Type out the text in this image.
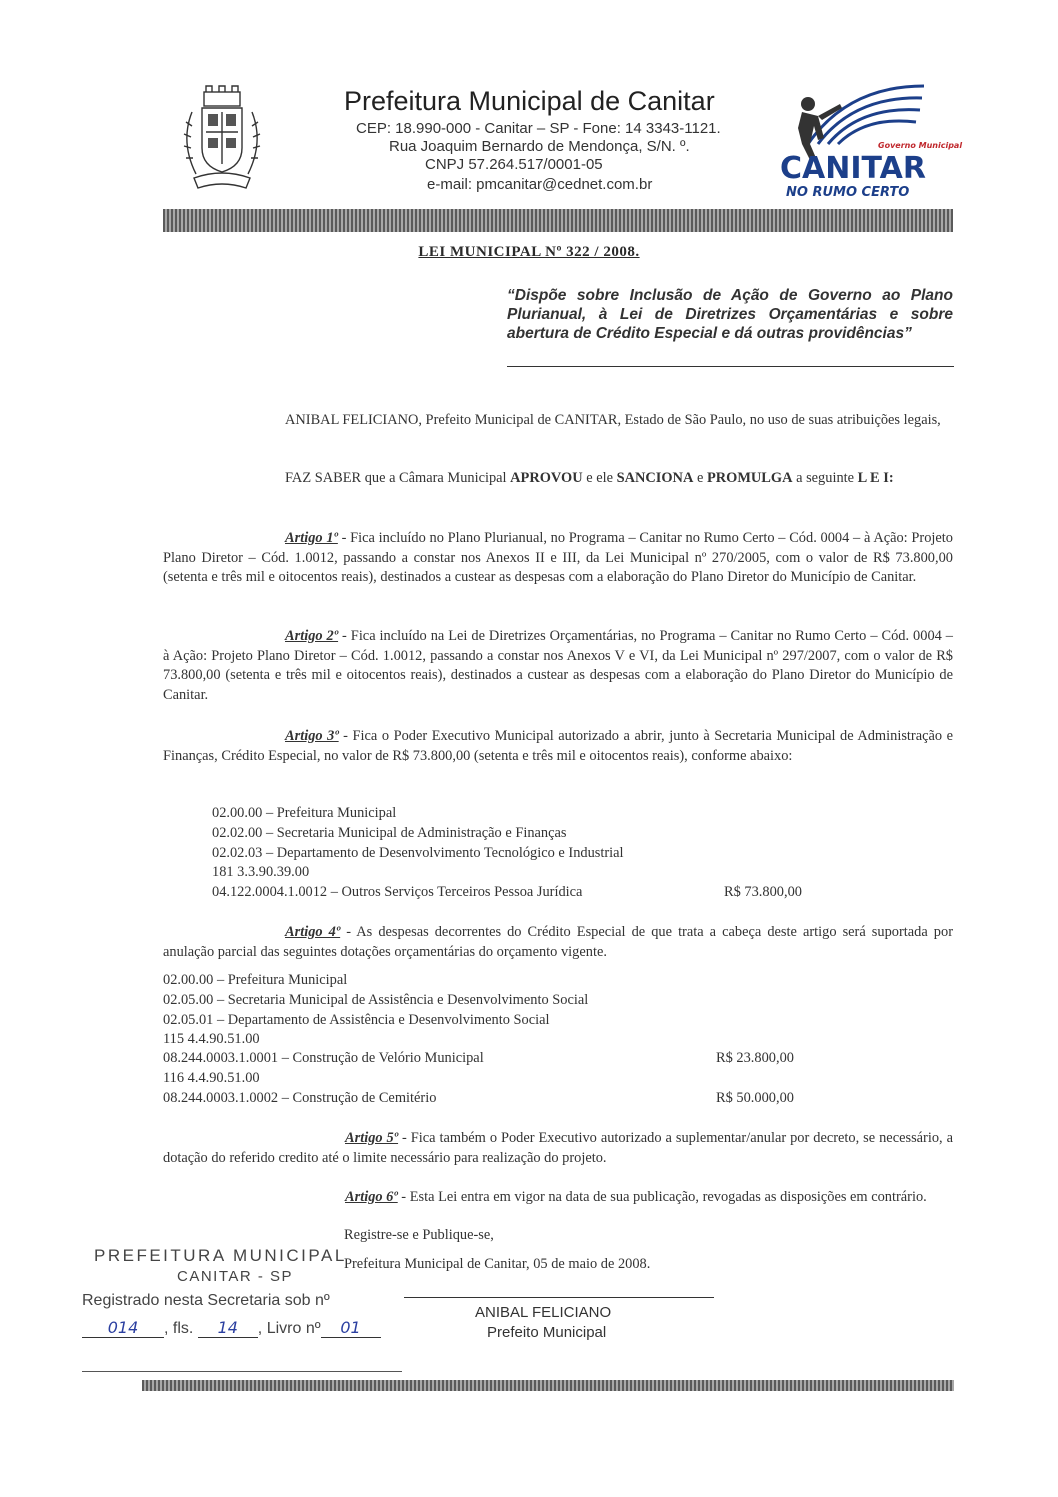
Prefeitura Municipal de Canitar
CEP: 18.990-000 - Canitar – SP - Fone: 14 3343-1121.
Rua Joaquim Bernardo de Mendonça, S/N. º.
CNPJ 57.264.517/0001-05
e-mail: pmcanitar@cednet.com.br
Governo Municipal
CANITAR
NO RUMO CERTO
LEI MUNICIPAL Nº 322 / 2008.
“Dispõe sobre Inclusão de Ação de Governo ao Plano Plurianual, à Lei de Diretrizes Orçamentárias e sobre abertura de Crédito Especial e dá outras providências”
ANIBAL FELICIANO, Prefeito Municipal de CANITAR, Estado de São Paulo, no uso de suas atribuições legais,
FAZ SABER que a Câmara Municipal APROVOU e ele SANCIONA e PROMULGA a seguinte L E I:
Artigo 1º - Fica incluído no Plano Plurianual, no Programa – Canitar no Rumo Certo – Cód. 0004 – à Ação: Projeto Plano Diretor – Cód. 1.0012, passando a constar nos Anexos II e III, da Lei Municipal nº 270/2005, com o valor de R$ 73.800,00 (setenta e três mil e oitocentos reais), destinados a custear as despesas com a elaboração do Plano Diretor do Município de Canitar.
Artigo 2º - Fica incluído na Lei de Diretrizes Orçamentárias, no Programa – Canitar no Rumo Certo – Cód. 0004 – à Ação: Projeto Plano Diretor – Cód. 1.0012, passando a constar nos Anexos V e VI, da Lei Municipal nº 297/2007, com o valor de R$ 73.800,00 (setenta e três mil e oitocentos reais), destinados a custear as despesas com a elaboração do Plano Diretor do Município de Canitar.
Artigo 3º - Fica o Poder Executivo Municipal autorizado a abrir, junto à Secretaria Municipal de Administração e Finanças, Crédito Especial, no valor de R$ 73.800,00 (setenta e três mil e oitocentos reais), conforme abaixo:
02.00.00 – Prefeitura Municipal
02.02.00 – Secretaria Municipal de Administração e Finanças
02.02.03 – Departamento de Desenvolvimento Tecnológico e Industrial
181 3.3.90.39.00
04.122.0004.1.0012 – Outros Serviços Terceiros Pessoa Jurídica	R$ 73.800,00
Artigo 4º - As despesas decorrentes do Crédito Especial de que trata a cabeça deste artigo será suportada por anulação parcial das seguintes dotações orçamentárias do orçamento vigente.
02.00.00 – Prefeitura Municipal
02.05.00 – Secretaria Municipal de Assistência e Desenvolvimento Social
02.05.01 – Departamento de Assistência e Desenvolvimento Social
115 4.4.90.51.00
08.244.0003.1.0001 – Construção de Velório Municipal	R$ 23.800,00
116 4.4.90.51.00
08.244.0003.1.0002 – Construção de Cemitério	R$ 50.000,00
Artigo 5º - Fica também o Poder Executivo autorizado a suplementar/anular por decreto, se necessário, a dotação do referido credito até o limite necessário para realização do projeto.
Artigo 6º - Esta Lei entra em vigor na data de sua publicação, revogadas as disposições em contrário.
Registre-se e Publique-se,
Prefeitura Municipal de Canitar, 05 de maio de 2008.
ANIBAL FELICIANO
Prefeito Municipal
PREFEITURA MUNICIPAL
CANITAR - SP
Registrado nesta Secretaria sob nº
014 , fls. 14 , Livro nº 01
